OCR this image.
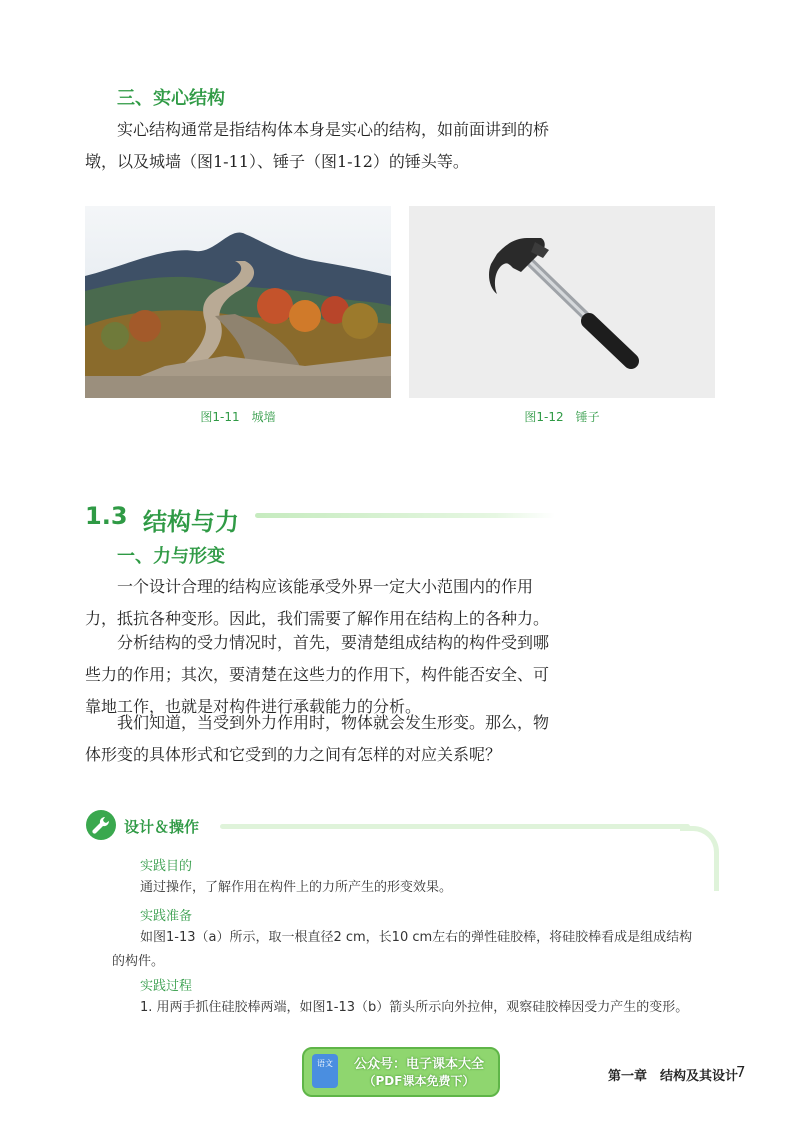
三、实心结构

实心结构通常是指结构体本身是实心的结构，如前面讲到的桥墩，以及城墙（图1-11）、锤子（图1-12）的锤头等。

图1-11　城墙	图1-12　锤子
1.3 结构与力
一、力与形变

一个设计合理的结构应该能承受外界一定大小范围内的作用力，抵抗各种变形。因此，我们需要了解作用在结构上的各种力。

分析结构的受力情况时，首先，要清楚组成结构的构件受到哪些力的作用；其次，要清楚在这些力的作用下，构件能否安全、可靠地工作，也就是对构件进行承载能力的分析。

我们知道，当受到外力作用时，物体就会发生形变。那么，物体形变的具体形式和它受到的力之间有怎样的对应关系呢？

设计＆操作
实践目的
通过操作，了解作用在构件上的力所产生的形变效果。
实践准备
如图1-13（a）所示，取一根直径2 cm，长10 cm左右的弹性硅胶棒，将硅胶棒看成是组成结构的构件。
实践过程
1. 用两手抓住硅胶棒两端，如图1-13（b）箭头所示向外拉伸，观察硅胶棒因受力产生的变形。
语文	公众号：电子课本大全
（PDF课本免费下）	第一章　结构及其设计
7
